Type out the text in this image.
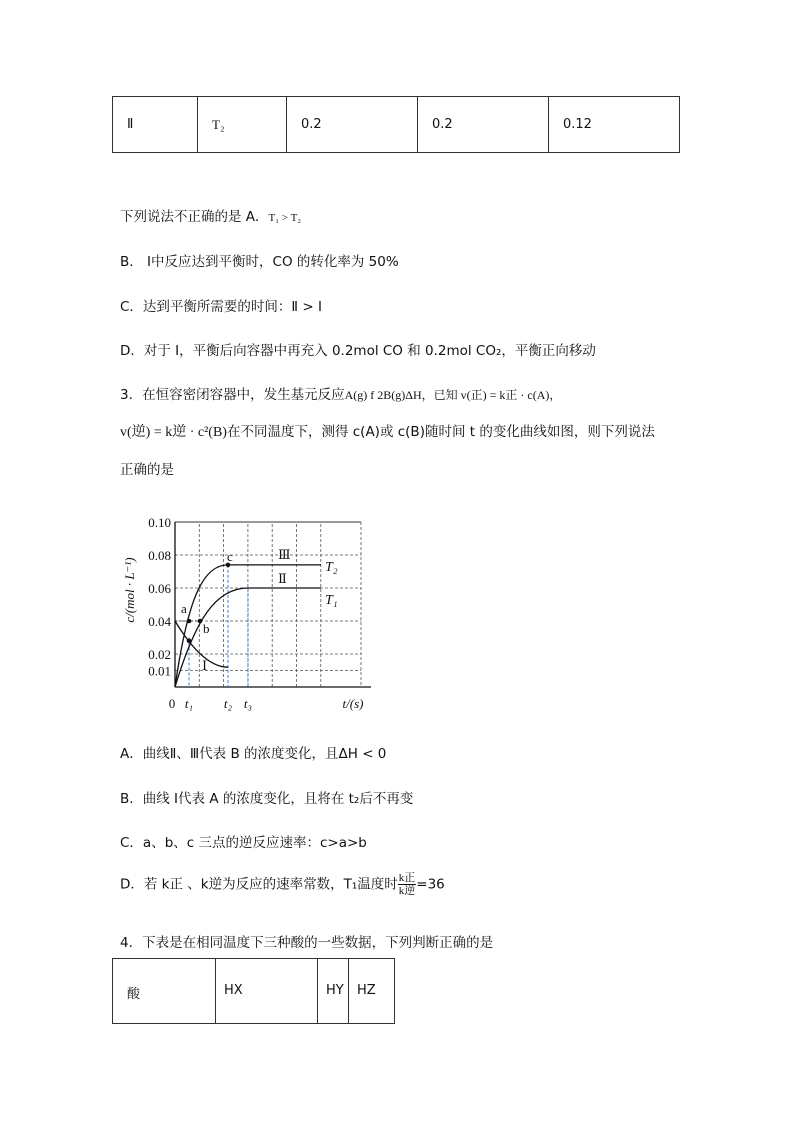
Ⅱ	T₂	0.2	0.2	0.12
下列说法不正确的是 A．T₁ > T₂
B． Ⅰ中反应达到平衡时，CO 的转化率为 50%
C．达到平衡所需要的时间：Ⅱ > Ⅰ
D．对于 Ⅰ，平衡后向容器中再充入 0.2mol CO 和 0.2mol CO₂，平衡正向移动
3．在恒容密闭容器中，发生基元反应A(g) f 2B(g)ΔH，已知 v(正) = k正 · c(A)，
v(逆) = k逆 · c²(B)在不同温度下，测得 c(A)或 c(B)随时间 t 的变化曲线如图，则下列说法
正确的是
0.10
0.08
0.06
0.04
0.02
0.01
c/(mol · L⁻¹)
0 t₁ t₂ t₃	t/(s)
a
b
c	Ⅲ
Ⅱ
Ⅰ
T₂
T₁
A．曲线Ⅱ、Ⅲ代表 B 的浓度变化，且ΔH < 0
B．曲线 Ⅰ代表 A 的浓度变化，且将在 t₂后不再变
C．a、b、c 三点的逆反应速率：c>a>b
D．若 k正 、k逆为反应的速率常数，T₁温度时 $\frac{\text{k正}}{\text{k逆}} =36$
4．下表是在相同温度下三种酸的一些数据，下列判断正确的是
酸	HX	HY	HZ
